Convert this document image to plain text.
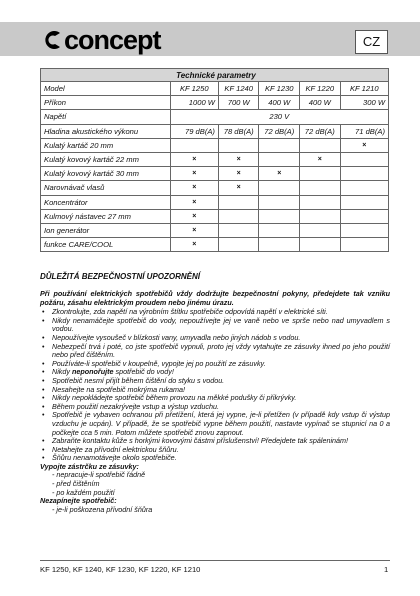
concept	CZ
Technické parametry					
Model	KF 1250	KF 1240	KF 1230	KF 1220	KF 1210
Příkon	1000 W	700 W	400 W	400 W	300 W
Napětí	230 V				
Hladina akustického výkonu	79 dB(A)	78 dB(A)	72 dB(A)	72 dB(A)	71 dB(A)
Kulatý kartáč 20 mm					×
Kulatý kovový kartáč 22 mm	×	×		×	
Kulatý kovový kartáč 30 mm	×	×	×		
Narovnávač vlasů	×	×			
Koncentrátor	×				
Kulmový nástavec 27 mm	×				
Ion generátor	×				
funkce CARE/COOL	×				
DŮLEŽITÁ BEZPEČNOSTNÍ UPOZORNĚNÍ

Při používání elektrických spotřebičů vždy dodržujte bezpečnostní pokyny, předejdete tak vzniku požáru, zásahu elektrickým proudem nebo jinému úrazu.

• Zkontrolujte, zda napětí na výrobním štítku spotřebiče odpovídá napětí v elektrické síti.
• Nikdy nenamáčejte spotřebič do vody, nepoužívejte jej ve vaně nebo ve sprše nebo nad umyvadlem s vodou.
• Nepoužívejte vysoušeč v blízkosti vany, umyvadla nebo jiných nádob s vodou.
• Nebezpečí trvá i poté, co jste spotřebič vypnuli, proto jej vždy vytahujte ze zásuvky ihned po jeho použití nebo před čištěním.
• Používáte-li spotřebič v koupelně, vypojte jej po použití ze zásuvky.
• Nikdy neponořujte spotřebič do vody!
• Spotřebič nesmí přijít během čištění do styku s vodou.
• Nesahejte na spotřebič mokrýma rukama!
• Nikdy nepokládejte spotřebič během provozu na měkké podušky či přikrývky.
• Během použití nezakrývejte vstup a výstup vzduchu.
• Spotřebič je vybaven ochranou při přetížení, která jej vypne, je-li přetížen (v případě kdy vstup či výstup vzduchu je ucpán). V případě, že se spotřebič vypne během použití, nastavte vypínač se stupnicí na 0 a počkejte cca 5 min. Potom můžete spotřebič znovu zapnout.
• Zabraňte kontaktu kůže s horkými kovovými částmi příslušenství! Předejdete tak spáleninám!
• Netahejte za přívodní elektrickou šňůru.
• Šňůru nenamotávejte okolo spotřebiče.

Vypojte zástrčku ze zásuvky:

- nepracuje-li spotřebič řádně

- před čištěním

- po každém použití

Nezapínejte spotřebič:

- je-li poškozena přívodní šňůra

KF 1250, KF 1240, KF 1230, KF 1220, KF 1210	1
